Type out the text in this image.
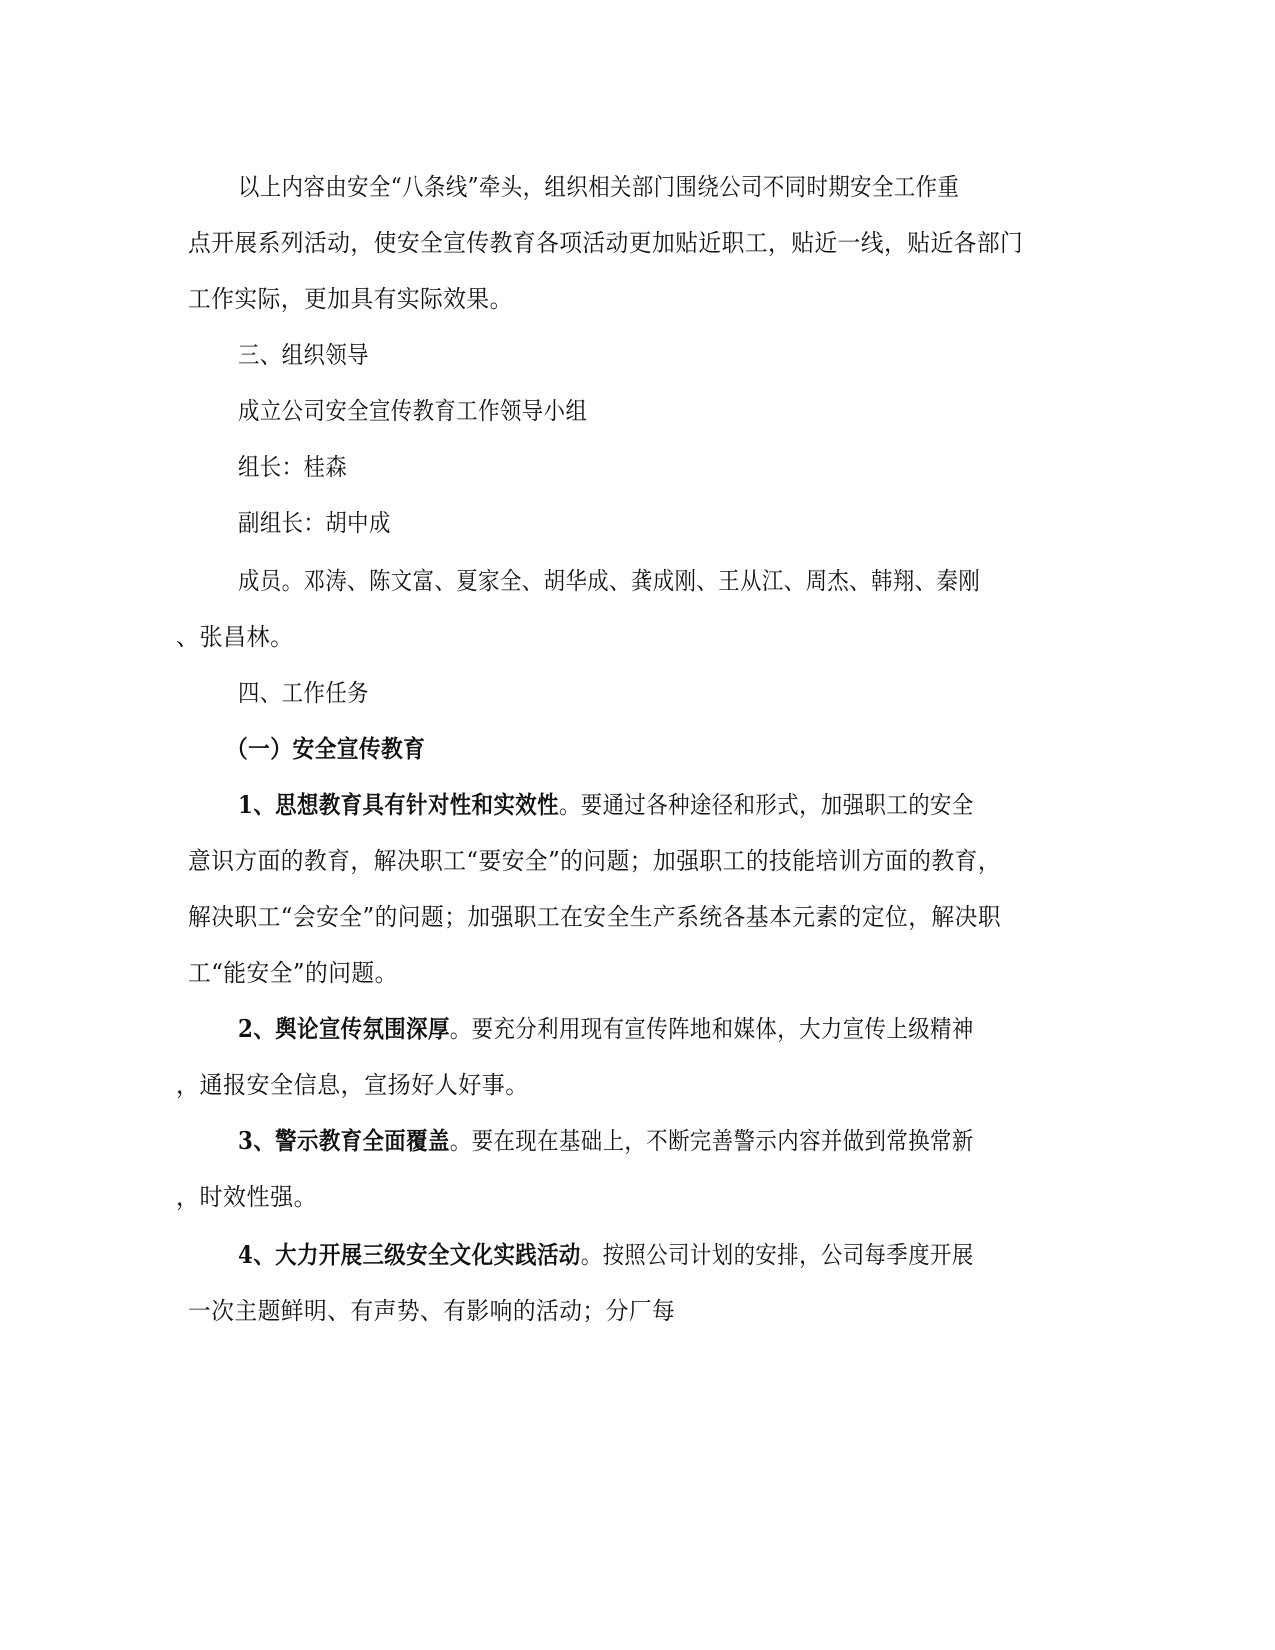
以上内容由安全“八条线”牵头，组织相关部门围绕公司不同时期安全工作重
点开展系列活动，使安全宣传教育各项活动更加贴近职工，贴近一线，贴近各部门
工作实际，更加具有实际效果。
三、组织领导
成立公司安全宣传教育工作领导小组
组长：桂森
副组长：胡中成
成员。邓涛、陈文富、夏家全、胡华成、龚成刚、王从江、周杰、韩翔、秦刚
、张昌林。
四、工作任务
（一）安全宣传教育
1、思想教育具有针对性和实效性。要通过各种途径和形式，加强职工的安全
意识方面的教育，解决职工“要安全”的问题；加强职工的技能培训方面的教育，
解决职工“会安全”的问题；加强职工在安全生产系统各基本元素的定位，解决职
工“能安全”的问题。
2、舆论宣传氛围深厚。要充分利用现有宣传阵地和媒体，大力宣传上级精神
，通报安全信息，宣扬好人好事。
3、警示教育全面覆盖。要在现在基础上，不断完善警示内容并做到常换常新
，时效性强。
4、大力开展三级安全文化实践活动。按照公司计划的安排，公司每季度开展
一次主题鲜明、有声势、有影响的活动；分厂每
